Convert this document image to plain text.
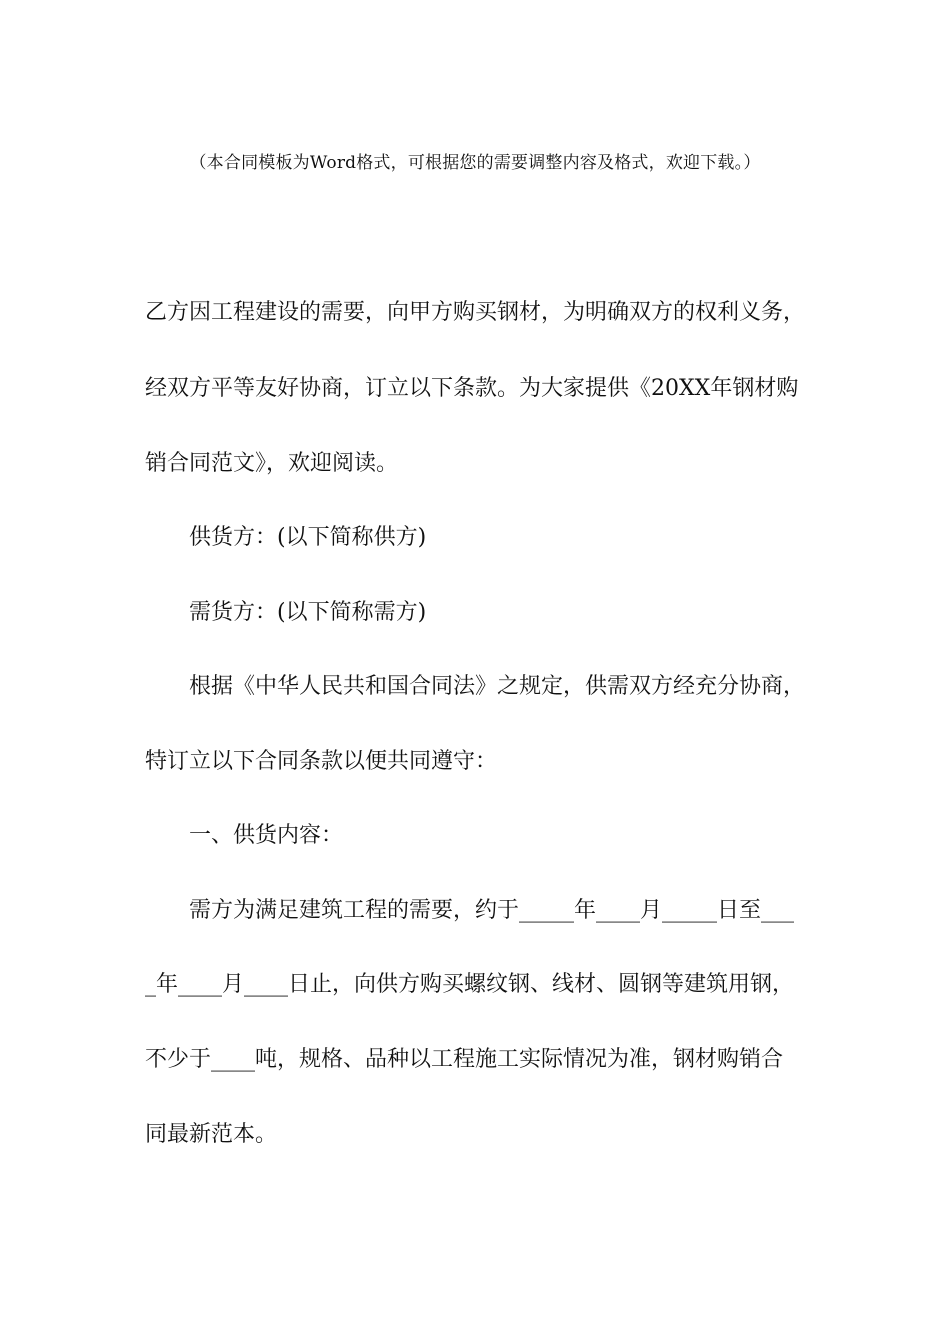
（本合同模板为Word格式，可根据您的需要调整内容及格式，欢迎下载。）
乙方因工程建设的需要，向甲方购买钢材，为明确双方的权利义务，
经双方平等友好协商，订立以下条款。为大家提供《20XX年钢材购
销合同范文》，欢迎阅读。
供货方：(以下简称供方)
需货方：(以下简称需方)
根据《中华人民共和国合同法》之规定，供需双方经充分协商，
特订立以下合同条款以便共同遵守：
一、供货内容：
需方为满足建筑工程的需要，约于_____年____月_____日至___
_年____月____日止，向供方购买螺纹钢、线材、圆钢等建筑用钢，
不少于____吨，规格、品种以工程施工实际情况为准，钢材购销合
同最新范本。
